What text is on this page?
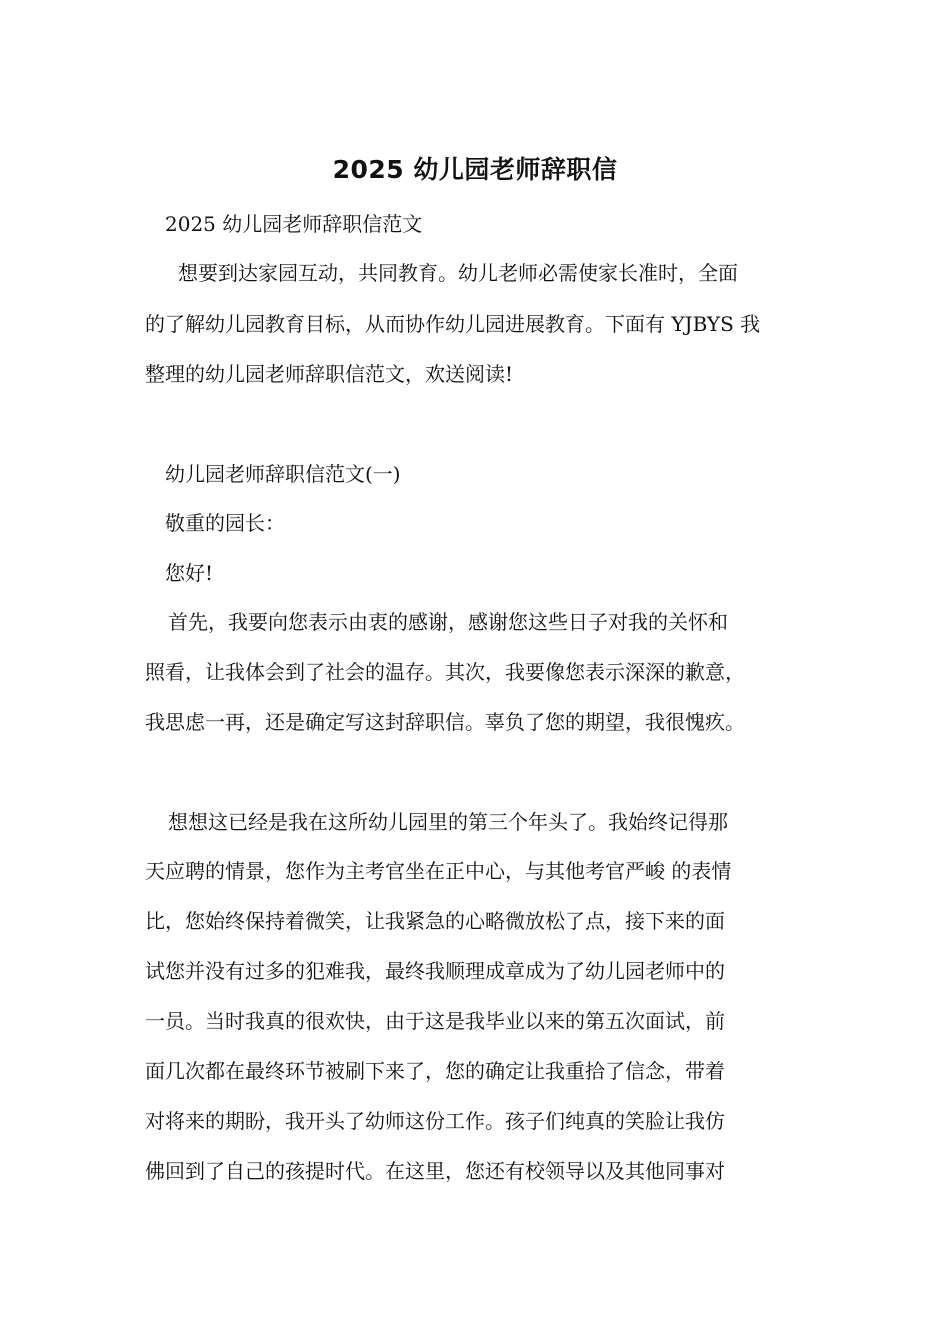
2025 幼儿园老师辞职信
2025 幼儿园老师辞职信范文
想要到达家园互动，共同教育。幼儿老师必需使家长准时，全面
的了解幼儿园教育目标，从而协作幼儿园进展教育。下面有 YJBYS 我
整理的幼儿园老师辞职信范文，欢送阅读!
幼儿园老师辞职信范文(一)
敬重的园长：
您好!
首先，我要向您表示由衷的感谢，感谢您这些日子对我的关怀和
照看，让我体会到了社会的温存。其次，我要像您表示深深的歉意，
我思虑一再，还是确定写这封辞职信。辜负了您的期望，我很愧疚。
想想这已经是我在这所幼儿园里的第三个年头了。我始终记得那
天应聘的情景，您作为主考官坐在正中心，与其他考官严峻 的表情
比，您始终保持着微笑，让我紧急的心略微放松了点，接下来的面
试您并没有过多的犯难我，最终我顺理成章成为了幼儿园老师中的
一员。当时我真的很欢快，由于这是我毕业以来的第五次面试，前
面几次都在最终环节被刷下来了，您的确定让我重拾了信念，带着
对将来的期盼，我开头了幼师这份工作。孩子们纯真的笑脸让我仿
佛回到了自己的孩提时代。在这里，您还有校领导以及其他同事对
